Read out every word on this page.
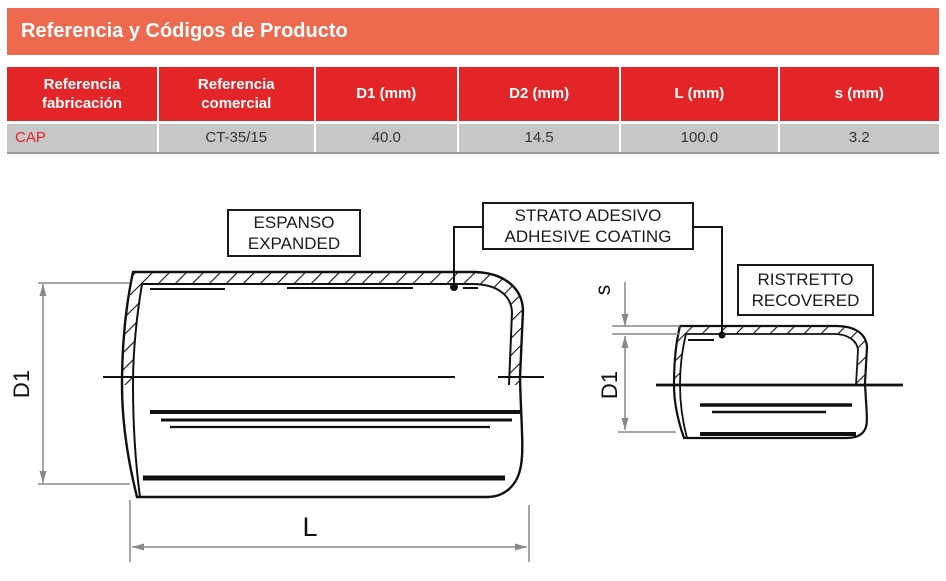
Referencia y Códigos de Producto
Referencia fabricación	Referencia comercial	D1 (mm)	D2 (mm)	L (mm)	s (mm)
CAP	CT-35/15	40.0	14.5	100.0	3.2
ESPANSO
EXPANDED
STRATO ADESIVO
ADHESIVE COATING
RISTRETTO
RECOVERED
D1
L
s
D1
